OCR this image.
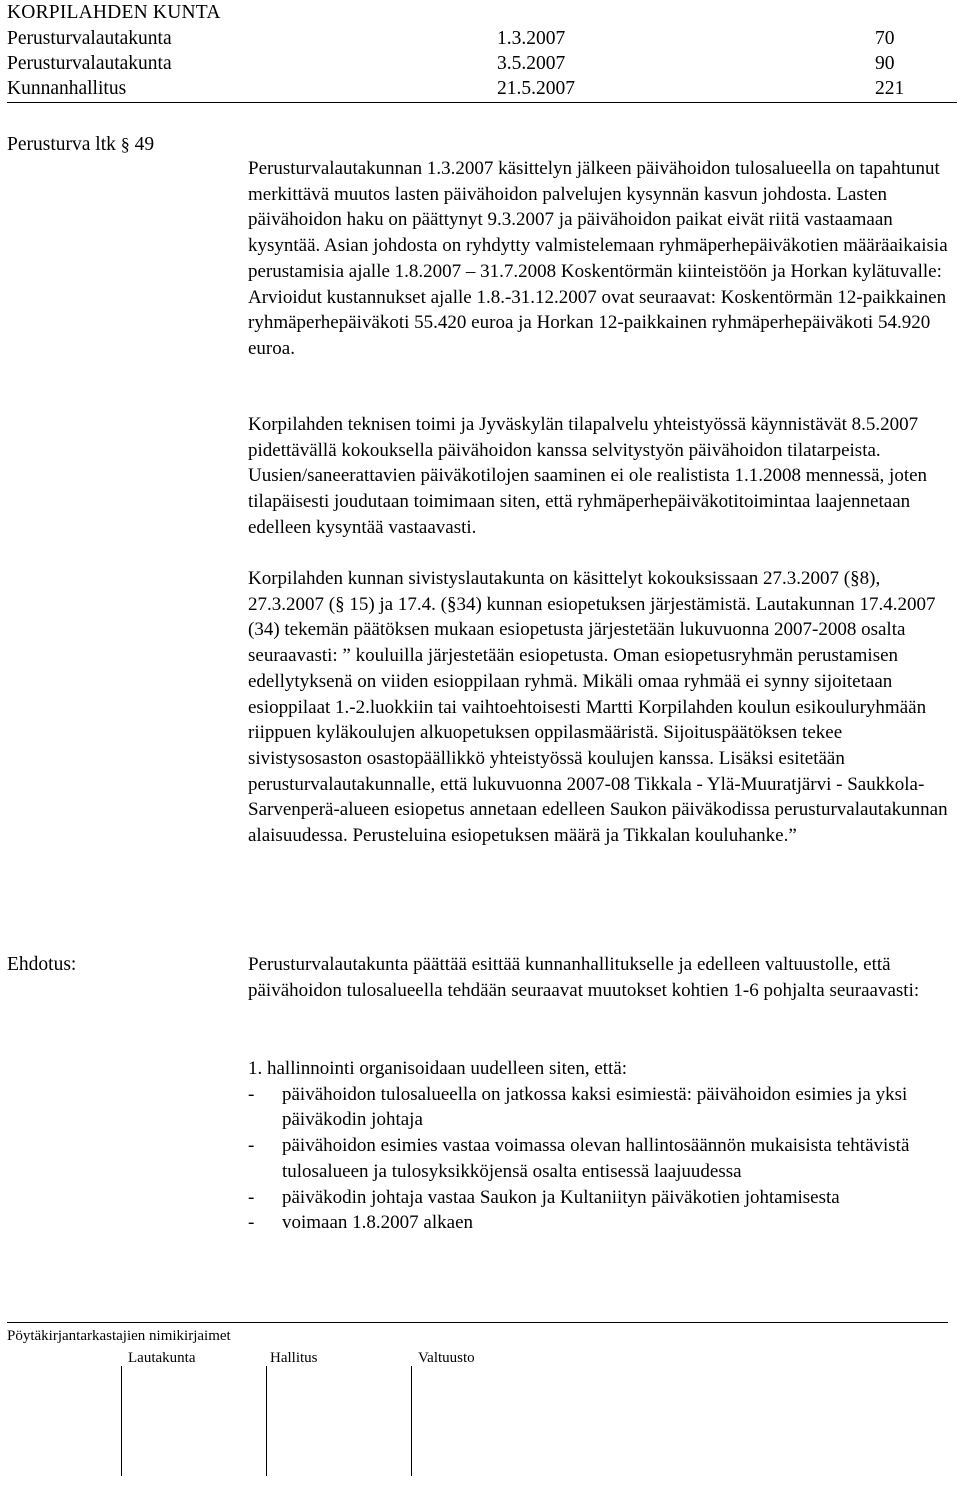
KORPILAHDEN KUNTA
Perusturvalautakunta	1.3.2007	70
Perusturvalautakunta	3.5.2007	90
Kunnanhallitus	21.5.2007	221
Perusturva ltk § 49
Perusturvalautakunnan 1.3.2007 käsittelyn jälkeen päivähoidon tulosalueella on tapahtunut merkittävä muutos lasten päivähoidon palvelujen kysynnän kasvun johdosta. Lasten päivähoidon haku on päättynyt 9.3.2007 ja päivähoidon paikat eivät riitä vastaamaan kysyntää. Asian johdosta on ryhdytty valmistelemaan ryhmäperhepäiväkotien määräaikaisia perustamisia ajalle 1.8.2007 – 31.7.2008 Koskentörmän kiinteistöön ja Horkan kylätuvalle: Arvioidut kustannukset ajalle 1.8.-31.12.2007 ovat seuraavat: Koskentörmän 12-paikkainen ryhmäperhepäiväkoti 55.420 euroa ja Horkan 12-paikkainen ryhmäperhepäiväkoti 54.920 euroa.
Korpilahden teknisen toimi ja Jyväskylän tilapalvelu yhteistyössä käynnistävät 8.5.2007 pidettävällä kokouksella päivähoidon kanssa selvitystyön päivähoidon tilatarpeista. Uusien/saneerattavien päiväkotilojen saaminen ei ole realistista 1.1.2008 mennessä, joten tilapäisesti joudutaan toimimaan siten, että ryhmäperhepäiväkotitoimintaa laajennetaan edelleen kysyntää vastaavasti.
Korpilahden kunnan sivistyslautakunta on käsittelyt kokouksissaan 27.3.2007 (§8), 27.3.2007 (§ 15) ja 17.4. (§34) kunnan esiopetuksen järjestämistä. Lautakunnan 17.4.2007 (34) tekemän päätöksen mukaan esiopetusta järjestetään lukuvuonna 2007-2008 osalta seuraavasti: ” kouluilla järjestetään esiopetusta. Oman esiopetusryhmän perustamisen edellytyksenä on viiden esioppilaan ryhmä. Mikäli omaa ryhmää ei synny sijoitetaan esioppilaat 1.-2.luokkiin tai vaihtoehtoisesti Martti Korpilahden koulun esikouluryhmään riippuen kyläkoulujen alkuopetuksen oppilasmääristä. Sijoituspäätöksen tekee sivistysosaston osastopäällikkö yhteistyössä koulujen kanssa. Lisäksi esitetään perusturvalautakunnalle, että lukuvuonna 2007-08 Tikkala - Ylä-Muuratjärvi - Saukkola-Sarvenperä-alueen esiopetus annetaan edelleen Saukon päiväkodissa perusturvalautakunnan alaisuudessa. Perusteluina esiopetuksen määrä ja Tikkalan kouluhanke.”
Ehdotus:	Perusturvalautakunta päättää esittää kunnanhallitukselle ja edelleen valtuustolle, että päivähoidon tulosalueella tehdään seuraavat muutokset kohtien 1-6 pohjalta seuraavasti:
1. hallinnointi organisoidaan uudelleen siten, että:
- päivähoidon tulosalueella on jatkossa kaksi esimiestä: päivähoidon esimies ja yksi päiväkodin johtaja
- päivähoidon esimies vastaa voimassa olevan hallintosäännön mukaisista tehtävistä tulosalueen ja tulosyksikköjensä osalta entisessä laajuudessa
- päiväkodin johtaja vastaa Saukon ja Kultaniityn päiväkotien johtamisesta
- voimaan 1.8.2007 alkaen
Pöytäkirjantarkastajien nimikirjaimet
Lautakunta	Hallitus	Valtuusto
